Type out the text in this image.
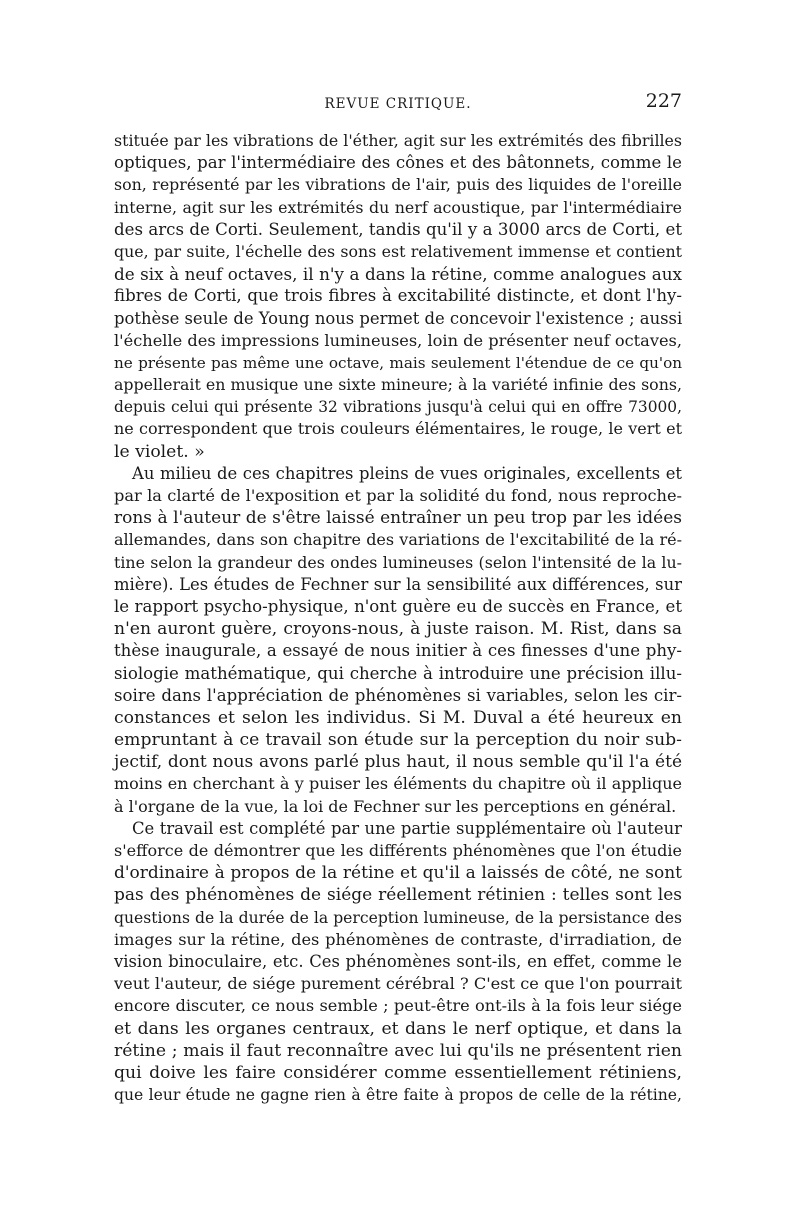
REVUE CRITIQUE.	227
stituée par les vibrations de l'éther, agit sur les extrémités des fibrilles
optiques, par l'intermédiaire des cônes et des bâtonnets, comme le
son, représenté par les vibrations de l'air, puis des liquides de l'oreille
interne, agit sur les extrémités du nerf acoustique, par l'intermédiaire
des arcs de Corti. Seulement, tandis qu'il y a 3000 arcs de Corti, et
que, par suite, l'échelle des sons est relativement immense et contient
de six à neuf octaves, il n'y a dans la rétine, comme analogues aux
fibres de Corti, que trois fibres à excitabilité distincte, et dont l'hy-
pothèse seule de Young nous permet de concevoir l'existence ; aussi
l'échelle des impressions lumineuses, loin de présenter neuf octaves,
ne présente pas même une octave, mais seulement l'étendue de ce qu'on
appellerait en musique une sixte mineure; à la variété infinie des sons,
depuis celui qui présente 32 vibrations jusqu'à celui qui en offre 73000,
ne correspondent que trois couleurs élémentaires, le rouge, le vert et
le violet. »
Au milieu de ces chapitres pleins de vues originales, excellents et
par la clarté de l'exposition et par la solidité du fond, nous reproche-
rons à l'auteur de s'être laissé entraîner un peu trop par les idées
allemandes, dans son chapitre des variations de l'excitabilité de la ré-
tine selon la grandeur des ondes lumineuses (selon l'intensité de la lu-
mière). Les études de Fechner sur la sensibilité aux différences, sur
le rapport psycho-physique, n'ont guère eu de succès en France, et
n'en auront guère, croyons-nous, à juste raison. M. Rist, dans sa
thèse inaugurale, a essayé de nous initier à ces finesses d'une phy-
siologie mathématique, qui cherche à introduire une précision illu-
soire dans l'appréciation de phénomènes si variables, selon les cir-
constances et selon les individus. Si M. Duval a été heureux en
empruntant à ce travail son étude sur la perception du noir sub-
jectif, dont nous avons parlé plus haut, il nous semble qu'il l'a été
moins en cherchant à y puiser les éléments du chapitre où il applique
à l'organe de la vue, la loi de Fechner sur les perceptions en général.
Ce travail est complété par une partie supplémentaire où l'auteur
s'efforce de démontrer que les différents phénomènes que l'on étudie
d'ordinaire à propos de la rétine et qu'il a laissés de côté, ne sont
pas des phénomènes de siége réellement rétinien : telles sont les
questions de la durée de la perception lumineuse, de la persistance des
images sur la rétine, des phénomènes de contraste, d'irradiation, de
vision binoculaire, etc. Ces phénomènes sont-ils, en effet, comme le
veut l'auteur, de siége purement cérébral ? C'est ce que l'on pourrait
encore discuter, ce nous semble ; peut-être ont-ils à la fois leur siége
et dans les organes centraux, et dans le nerf optique, et dans la
rétine ; mais il faut reconnaître avec lui qu'ils ne présentent rien
qui doive les faire considérer comme essentiellement rétiniens,
que leur étude ne gagne rien à être faite à propos de celle de la rétine,
